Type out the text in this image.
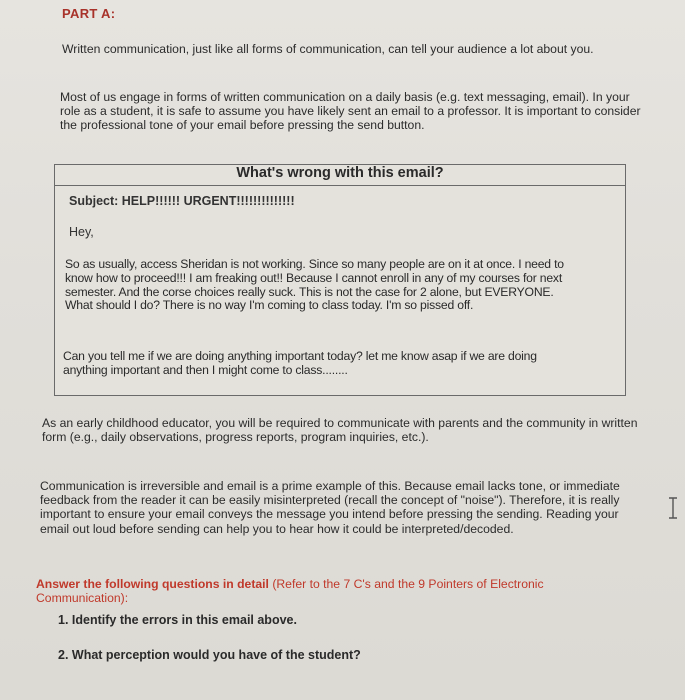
PART A:
Written communication, just like all forms of communication, can tell your audience a lot about you.
Most of us engage in forms of written communication on a daily basis (e.g. text messaging, email). In your role as a student, it is safe to assume you have likely sent an email to a professor. It is important to consider the professional tone of your email before pressing the send button.
What's wrong with this email?
Subject: HELP!!!!!! URGENT!!!!!!!!!!!!!!
Hey,
So as usually, access Sheridan is not working. Since so many people are on it at once. I need to know how to proceed!!! I am freaking out!! Because I cannot enroll in any of my courses for next semester. And the corse choices really suck. This is not the case for 2 alone, but EVERYONE. What should I do? There is no way I'm coming to class today. I'm so pissed off.
Can you tell me if we are doing anything important today? let me know asap if we are doing anything important and then I might come to class........
As an early childhood educator, you will be required to communicate with parents and the community in written form (e.g., daily observations, progress reports, program inquiries, etc.).
Communication is irreversible and email is a prime example of this. Because email lacks tone, or immediate feedback from the reader it can be easily misinterpreted (recall the concept of "noise"). Therefore, it is really important to ensure your email conveys the message you intend before pressing the sending. Reading your email out loud before sending can help you to hear how it could be interpreted/decoded.
Answer the following questions in detail (Refer to the 7 C's and the 9 Pointers of Electronic Communication):
1. Identify the errors in this email above.
2. What perception would you have of the student?
